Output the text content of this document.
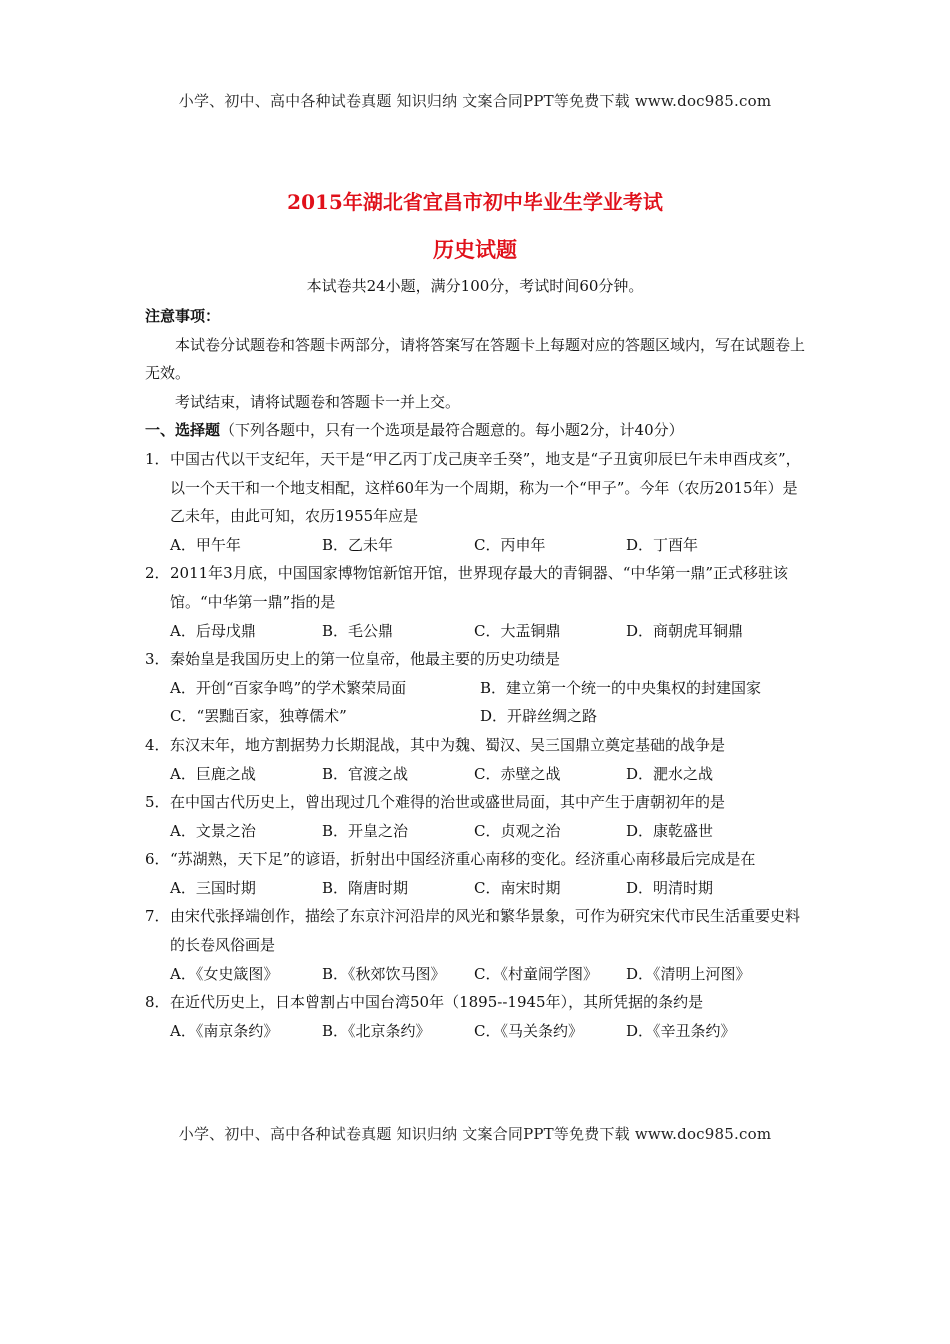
小学、初中、高中各种试卷真题 知识归纳 文案合同PPT等免费下载 www.doc985.com
2015年湖北省宜昌市初中毕业生学业考试
历史试题
本试卷共24小题，满分100分，考试时间60分钟。

注意事项：

本试卷分试题卷和答题卡两部分，请将答案写在答题卡上每题对应的答题区域内，写在试题卷上无效。

考试结束，请将试题卷和答题卡一并上交。

一、选择题（下列各题中，只有一个选项是最符合题意的。每小题2分，计40分）

1． 中国古代以干支纪年，天干是“甲乙丙丁戊己庚辛壬癸”，地支是“子丑寅卯辰巳午未申酉戌亥”，以一个天干和一个地支相配，这样60年为一个周期，称为一个“甲子”。今年（农历2015年）是乙未年，由此可知，农历1955年应是
A．甲午年	B．乙未年	C．丙申年	D．丁酉年
2． 2011年3月底，中国国家博物馆新馆开馆，世界现存最大的青铜器、“中华第一鼎”正式移驻该馆。“中华第一鼎”指的是
A．后母戊鼎	B．毛公鼎	C．大盂铜鼎	D．商朝虎耳铜鼎
3． 秦始皇是我国历史上的第一位皇帝，他最主要的历史功绩是
A．开创“百家争鸣”的学术繁荣局面	B．建立第一个统一的中央集权的封建国家
C．“罢黜百家，独尊儒术”	D．开辟丝绸之路
4． 东汉末年，地方割据势力长期混战，其中为魏、蜀汉、吴三国鼎立奠定基础的战争是
A．巨鹿之战	B．官渡之战	C．赤壁之战	D．淝水之战
5． 在中国古代历史上，曾出现过几个难得的治世或盛世局面，其中产生于唐朝初年的是
A．文景之治	B．开皇之治	C．贞观之治	D．康乾盛世
6． “苏湖熟，天下足”的谚语，折射出中国经济重心南移的变化。经济重心南移最后完成是在
A．三国时期	B．隋唐时期	C．南宋时期	D．明清时期
7． 由宋代张择端创作，描绘了东京汴河沿岸的风光和繁华景象，可作为研究宋代市民生活重要史料的长卷风俗画是
A．《女史箴图》	B．《秋郊饮马图》	C．《村童闹学图》	D．《清明上河图》
8． 在近代历史上，日本曾割占中国台湾50年（1895--1945年），其所凭据的条约是
A．《南京条约》	B．《北京条约》	C．《马关条约》	D．《辛丑条约》
小学、初中、高中各种试卷真题 知识归纳 文案合同PPT等免费下载 www.doc985.com
